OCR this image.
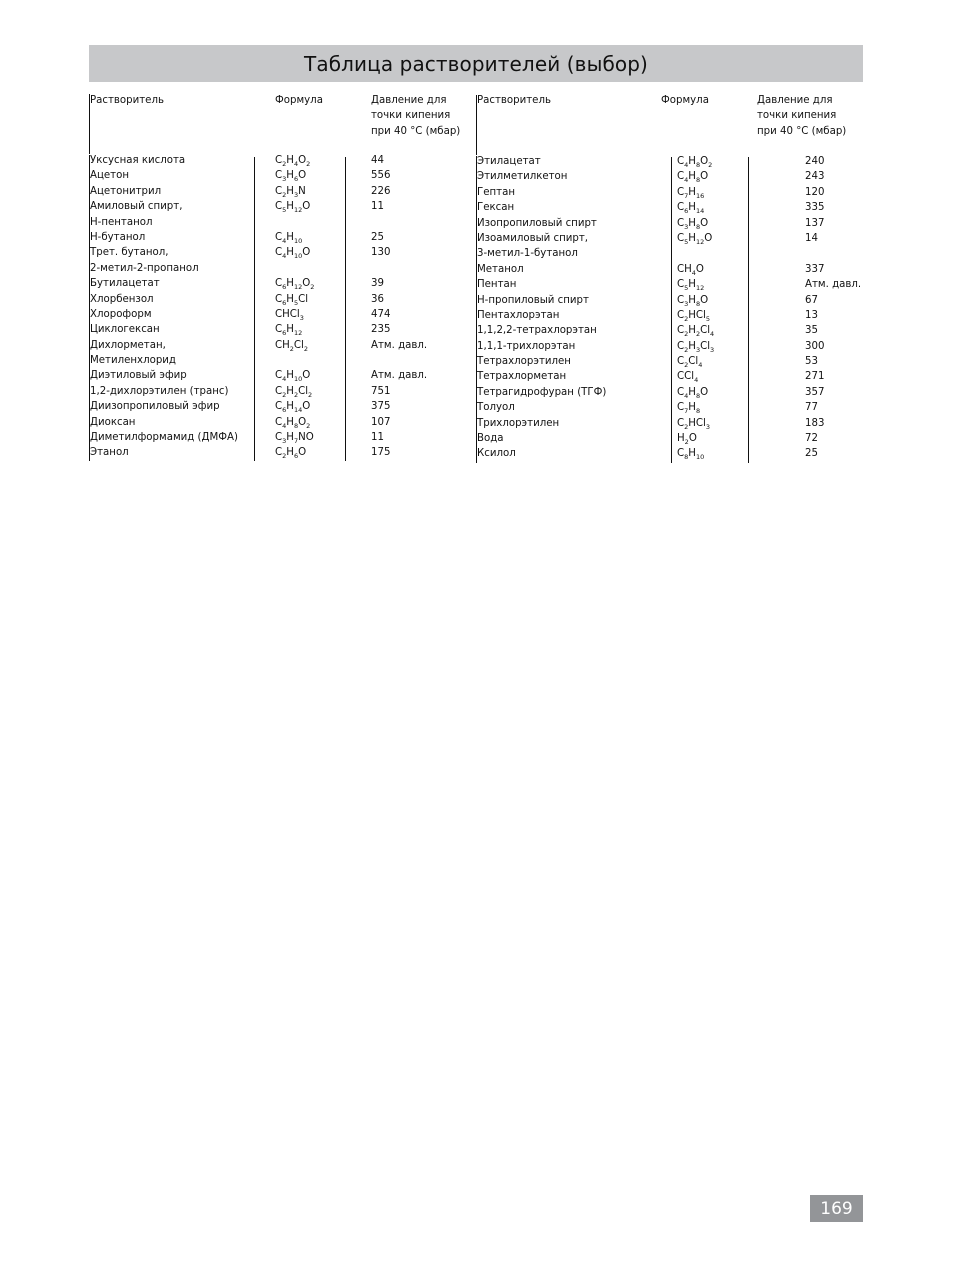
Таблица растворителей (выбор)
Растворитель	Формула	Давление для точки кипения при 40 °C (мбар)
Уксусная кислота	$C_2H_4O_2$	44
Ацетон	$C_3H_6O$	556
Ацетонитрил	$C_2H_3N$	226
Амиловый спирт,	$C_5H_{12}O$	11
Н-пентанол
Н-бутанол	$C_4H_{10}$	25
Трет. бутанол,	$C_4H_{10}O$	130
2-метил-2-пропанол
Бутилацетат	$C_6H_{12}O_2$	39
Хлорбензол	$C_6H_5Cl$	36
Хлороформ	CHCl$_3$	474
Циклогексан	$C_6H_{12}$	235
Дихлорметан,	$CH_2Cl_2$	Атм. давл.
Метиленхлорид
Диэтиловый эфир	$C_4H_{10}O$	Атм. давл.
1,2-дихлорэтилен (транс)	$C_2H_2Cl_2$	751
Диизопропиловый эфир	$C_6H_{14}O$	375
Диоксан	$C_4H_8O_2$	107
Диметилформамид (ДМФА)	$C_3H_7NO$	11
Этанол	$C_2H_6O$	175
Растворитель	Формула	Давление для точки кипения при 40 °C (мбар)
Этилацетат	$C_4H_8O_2$	240
Этилметилкетон	$C_4H_8O$	243
Гептан	$C_7H_{16}$	120
Гексан	$C_6H_{14}$	335
Изопропиловый спирт	$C_3H_8O$	137
Изоамиловый спирт,	$C_5H_{12}O$	14
3-метил-1-бутанол
Метанол	$CH_4O$	337
Пентан	$C_5H_{12}$	Атм. давл.
Н-пропиловый спирт	$C_3H_8O$	67
Пентахлорэтан	$C_2HCl_5$	13
1,1,2,2-тетрахлорэтан	$C_2H_2Cl_4$	35
1,1,1-трихлорэтан	$C_2H_3Cl_3$	300
Тетрахлорэтилен	$C_2Cl_4$	53
Тетрахлорметан	CCl$_4$	271
Тетрагидрофуран (ТГФ)	$C_4H_8O$	357
Толуол	$C_7H_8$	77
Трихлорэтилен	$C_2HCl_3$	183
Вода	$H_2O$	72
Ксилол	$C_8H_{10}$	25
169
